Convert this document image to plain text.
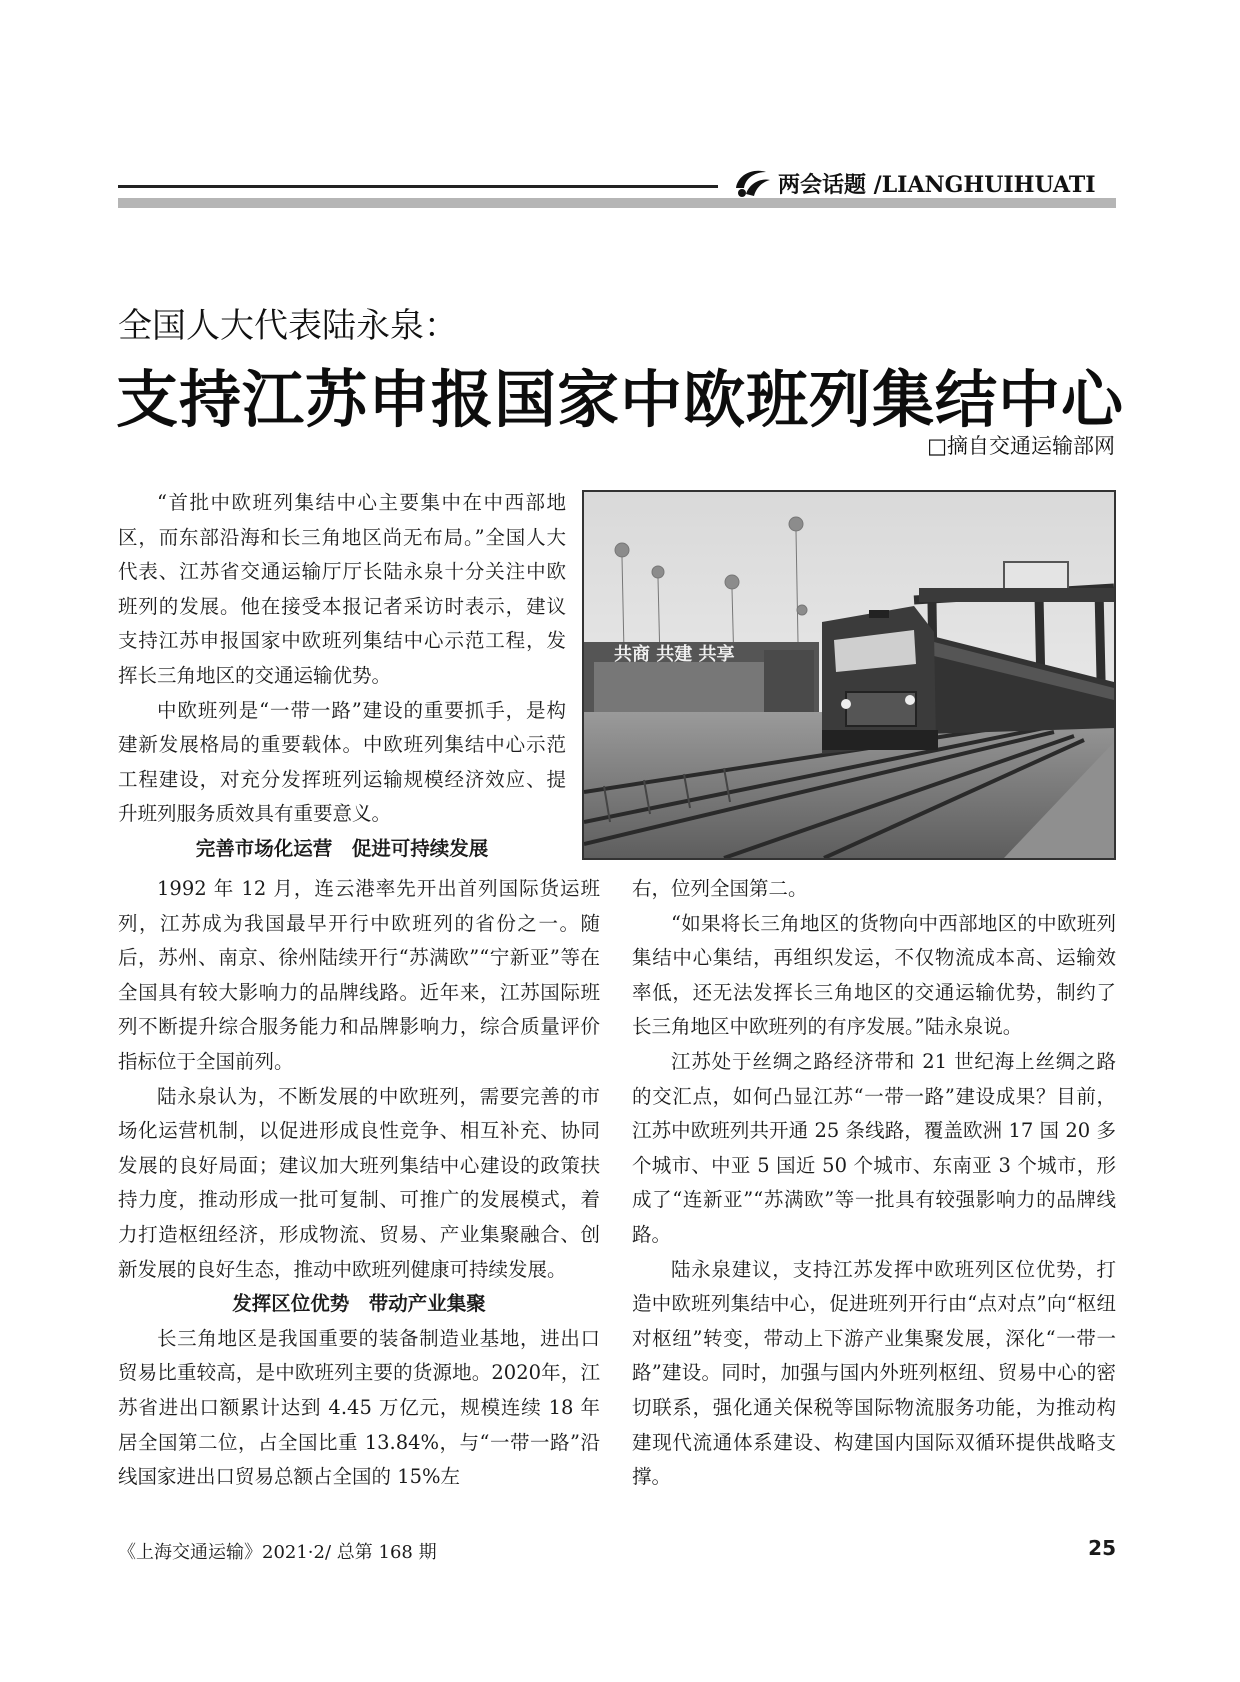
两会话题 /LIANGHUIHUATI
全国人大代表陆永泉：
支持江苏申报国家中欧班列集结中心
□摘自交通运输部网

“首批中欧班列集结中心主要集中在中西部地区，而东部沿海和长三角地区尚无布局。”全国人大代表、江苏省交通运输厅厅长陆永泉十分关注中欧班列的发展。他在接受本报记者采访时表示，建议支持江苏申报国家中欧班列集结中心示范工程，发挥长三角地区的交通运输优势。

中欧班列是“一带一路”建设的重要抓手，是构建新发展格局的重要载体。中欧班列集结中心示范工程建设，对充分发挥班列运输规模经济效应、提升班列服务质效具有重要意义。

完善市场化运营　促进可持续发展
共商 共建 共享

1992 年 12 月，连云港率先开出首列国际货运班列，江苏成为我国最早开行中欧班列的省份之一。随后，苏州、南京、徐州陆续开行“苏满欧”“宁新亚”等在全国具有较大影响力的品牌线路。近年来，江苏国际班列不断提升综合服务能力和品牌影响力，综合质量评价指标位于全国前列。

陆永泉认为，不断发展的中欧班列，需要完善的市场化运营机制，以促进形成良性竞争、相互补充、协同发展的良好局面；建议加大班列集结中心建设的政策扶持力度，推动形成一批可复制、可推广的发展模式，着力打造枢纽经济，形成物流、贸易、产业集聚融合、创新发展的良好生态，推动中欧班列健康可持续发展。

发挥区位优势　带动产业集聚

长三角地区是我国重要的装备制造业基地，进出口贸易比重较高，是中欧班列主要的货源地。2020年，江苏省进出口额累计达到 4.45 万亿元，规模连续 18 年居全国第二位，占全国比重 13.84%，与“一带一路”沿线国家进出口贸易总额占全国的 15%左

右，位列全国第二。

“如果将长三角地区的货物向中西部地区的中欧班列集结中心集结，再组织发运，不仅物流成本高、运输效率低，还无法发挥长三角地区的交通运输优势，制约了长三角地区中欧班列的有序发展。”陆永泉说。

江苏处于丝绸之路经济带和 21 世纪海上丝绸之路的交汇点，如何凸显江苏“一带一路”建设成果？目前，江苏中欧班列共开通 25 条线路，覆盖欧洲 17 国 20 多个城市、中亚 5 国近 50 个城市、东南亚 3 个城市，形成了“连新亚”“苏满欧”等一批具有较强影响力的品牌线路。

陆永泉建议，支持江苏发挥中欧班列区位优势，打造中欧班列集结中心，促进班列开行由“点对点”向“枢纽对枢纽”转变，带动上下游产业集聚发展，深化“一带一路”建设。同时，加强与国内外班列枢纽、贸易中心的密切联系，强化通关保税等国际物流服务功能，为推动构建现代流通体系建设、构建国内国际双循环提供战略支撑。

《上海交通运输》2021·2/ 总第 168 期	25
